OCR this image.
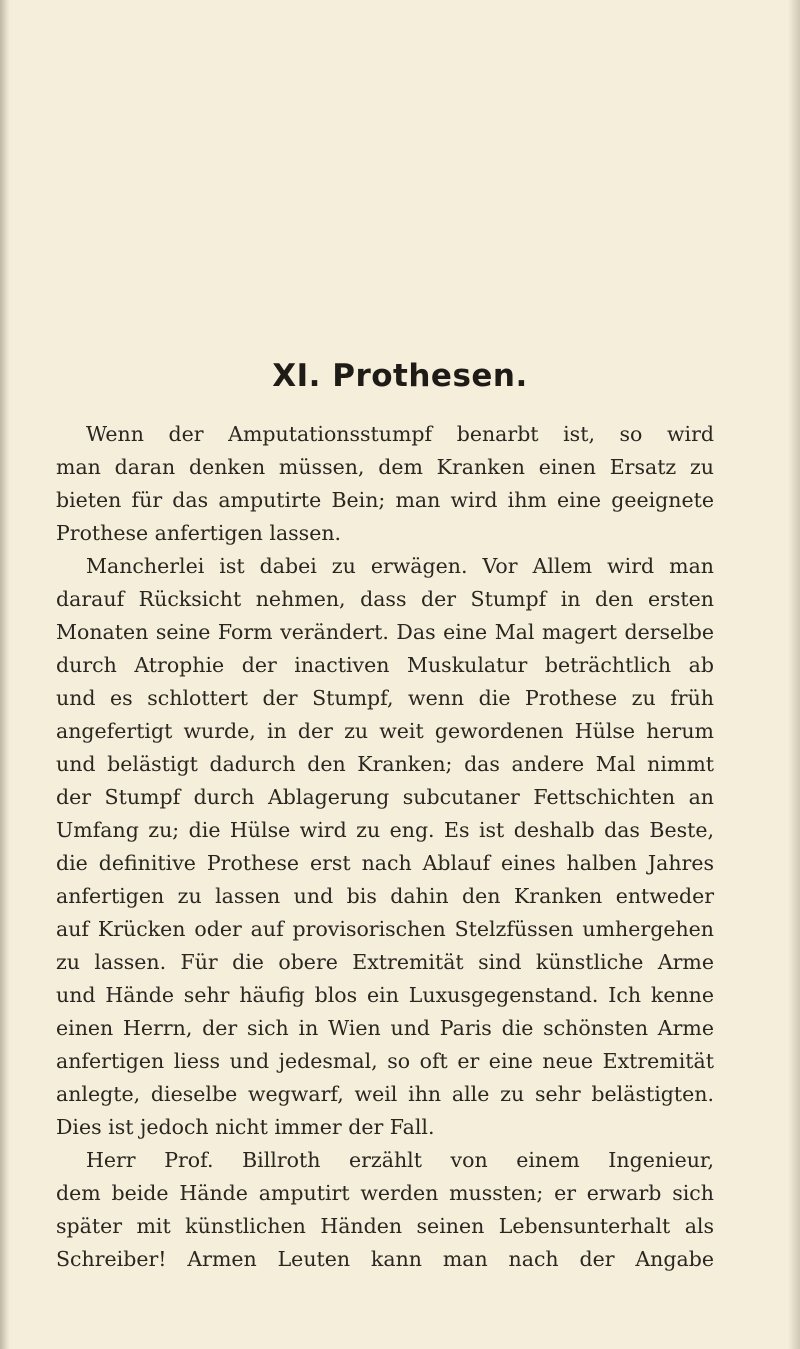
XI. Prothesen.
Wenn der Amputationsstumpf benarbt ist, so wird
man daran denken müssen, dem Kranken einen Ersatz zu
bieten für das amputirte Bein; man wird ihm eine geeignete
Prothese anfertigen lassen.
Mancherlei ist dabei zu erwägen. Vor Allem wird man
darauf Rücksicht nehmen, dass der Stumpf in den ersten
Monaten seine Form verändert. Das eine Mal magert derselbe
durch Atrophie der inactiven Muskulatur beträchtlich ab
und es schlottert der Stumpf, wenn die Prothese zu früh
angefertigt wurde, in der zu weit gewordenen Hülse herum
und belästigt dadurch den Kranken; das andere Mal nimmt
der Stumpf durch Ablagerung subcutaner Fettschichten an
Umfang zu; die Hülse wird zu eng. Es ist deshalb das Beste,
die definitive Prothese erst nach Ablauf eines halben Jahres
anfertigen zu lassen und bis dahin den Kranken entweder
auf Krücken oder auf provisorischen Stelzfüssen umhergehen
zu lassen. Für die obere Extremität sind künstliche Arme
und Hände sehr häufig blos ein Luxusgegenstand. Ich kenne
einen Herrn, der sich in Wien und Paris die schönsten Arme
anfertigen liess und jedesmal, so oft er eine neue Extremität
anlegte, dieselbe wegwarf, weil ihn alle zu sehr belästigten.
Dies ist jedoch nicht immer der Fall.
Herr Prof. Billroth erzählt von einem Ingenieur,
dem beide Hände amputirt werden mussten; er erwarb sich
später mit künstlichen Händen seinen Lebensunterhalt als
Schreiber! Armen Leuten kann man nach der Angabe
